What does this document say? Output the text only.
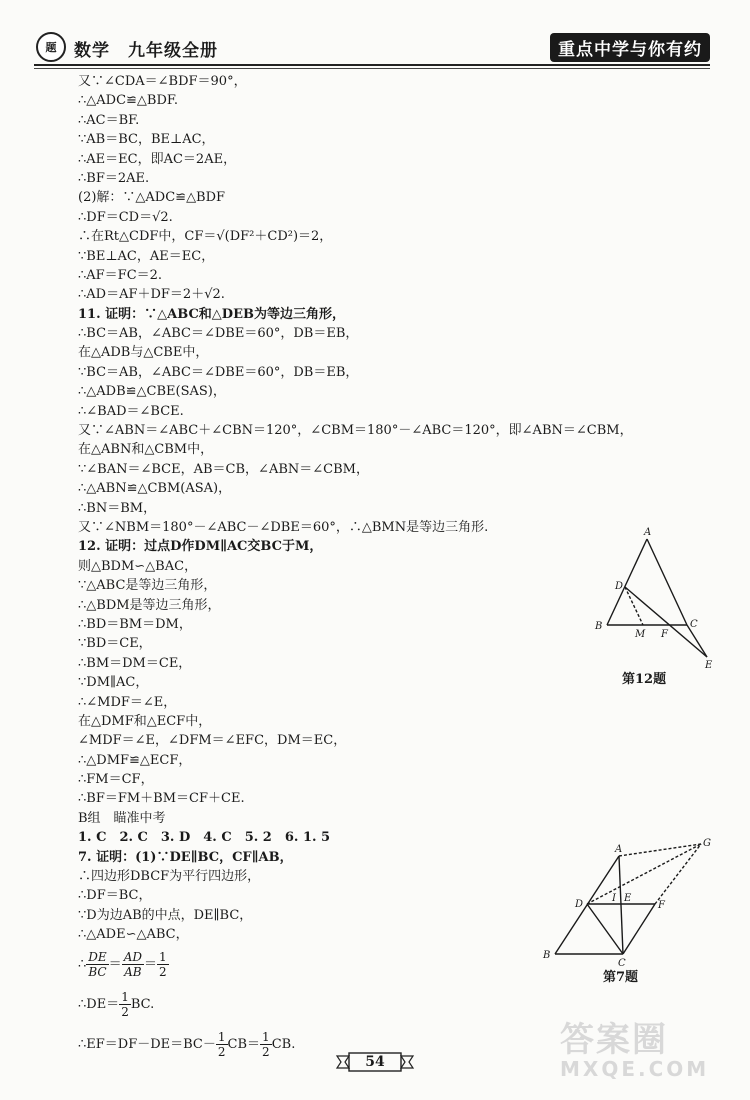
题	数学 九年级全册	重点中学与你有约
又∵∠CDA＝∠BDF＝90°，
∴△ADC≌△BDF.
∴AC＝BF.
∵AB＝BC，BE⊥AC，
∴AE＝EC，即AC＝2AE，
∴BF＝2AE.
(2)解：∵△ADC≌△BDF
∴DF＝CD＝√2.
∴在Rt△CDF中，CF＝√(DF²＋CD²)＝2，
∵BE⊥AC，AE＝EC，
∴AF＝FC＝2.
∴AD＝AF＋DF＝2＋√2.
11. 证明：∵△ABC和△DEB为等边三角形，
∴BC＝AB，∠ABC＝∠DBE＝60°，DB＝EB，
在△ADB与△CBE中，
∵BC＝AB，∠ABC＝∠DBE＝60°，DB＝EB，
∴△ADB≌△CBE(SAS)，
∴∠BAD＝∠BCE.
又∵∠ABN＝∠ABC＋∠CBN＝120°，∠CBM＝180°－∠ABC＝120°，即∠ABN＝∠CBM，
在△ABN和△CBM中，
∵∠BAN＝∠BCE，AB＝CB，∠ABN＝∠CBM，
∴△ABN≌△CBM(ASA)，
∴BN＝BM，
又∵∠NBM＝180°－∠ABC－∠DBE＝60°，∴△BMN是等边三角形.
12. 证明：过点D作DM∥AC交BC于M，
则△BDM∽△BAC，
∵△ABC是等边三角形，
∴△BDM是等边三角形，
∴BD＝BM＝DM，
∵BD＝CE，
∴BM＝DM＝CE，
∵DM∥AC，
∴∠MDF＝∠E，
在△DMF和△ECF中，
∠MDF＝∠E，∠DFM＝∠EFC，DM＝EC，
∴△DMF≌△ECF，
∴FM＝CF，
∴BF＝FM＋BM＝CF＋CE.
B组　瞄准中考
1. C　2. C　3. D　4. C　5. 2　6. 1. 5
7. 证明：(1)∵DE∥BC，CF∥AB，
∴四边形DBCF为平行四边形，
∴DF＝BC，
∵D为边AB的中点，DE∥BC，
∴△ADE∽△ABC，
∴ $\frac{DE}{BC} = \frac{AD}{AB} = \frac{1}{2}$
∴DE＝ $\frac{1}{2}$ BC.
∴EF＝DF－DE＝BC－ $\frac{1}{2} CB= \frac{1}{2}$ CB.
A
B	C
D
E
F
M
第12题
A
B
C
D
E
F
G
I
第7题
54
答案圈
MXQE.COM
